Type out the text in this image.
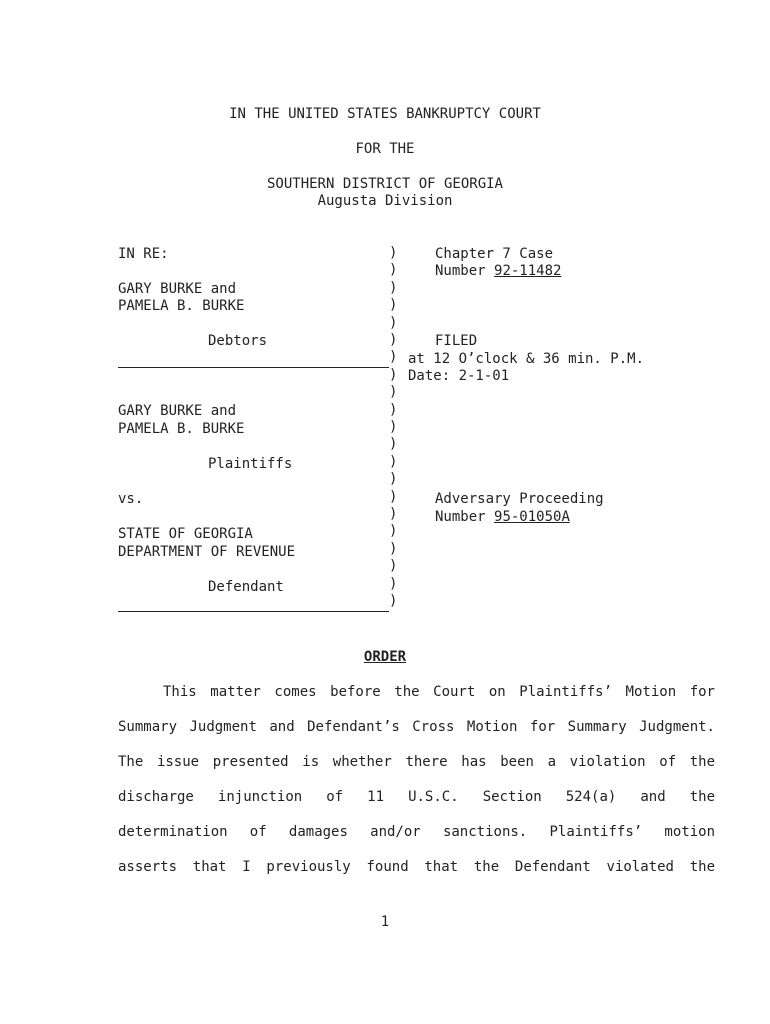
IN THE UNITED STATES BANKRUPTCY COURT
FOR THE
SOUTHERN DISTRICT OF GEORGIA
Augusta Division
IN RE:
GARY BURKE and
PAMELA B. BURKE
Debtors
GARY BURKE and
PAMELA B. BURKE
Plaintiffs
vs.
STATE OF GEORGIA
DEPARTMENT OF REVENUE
Defendant
)
)
)
)
)
)
)
)
)
)
)
)
)
)
)
)
)
)
)
)
)
Chapter 7 Case
Number 92-11482
FILED
at 12 O’clock & 36 min. P.M.
Date: 2-1-01
Adversary Proceeding
Number 95-01050A
ORDER
This matter comes before the Court on Plaintiffs’ Motion for
Summary Judgment and Defendant’s Cross Motion for Summary Judgment.
The issue presented is whether there has been a violation of the
discharge injunction of 11 U.S.C. Section 524(a) and the
determination of damages and/or sanctions. Plaintiffs’ motion
asserts that I previously found that the Defendant violated the
1
